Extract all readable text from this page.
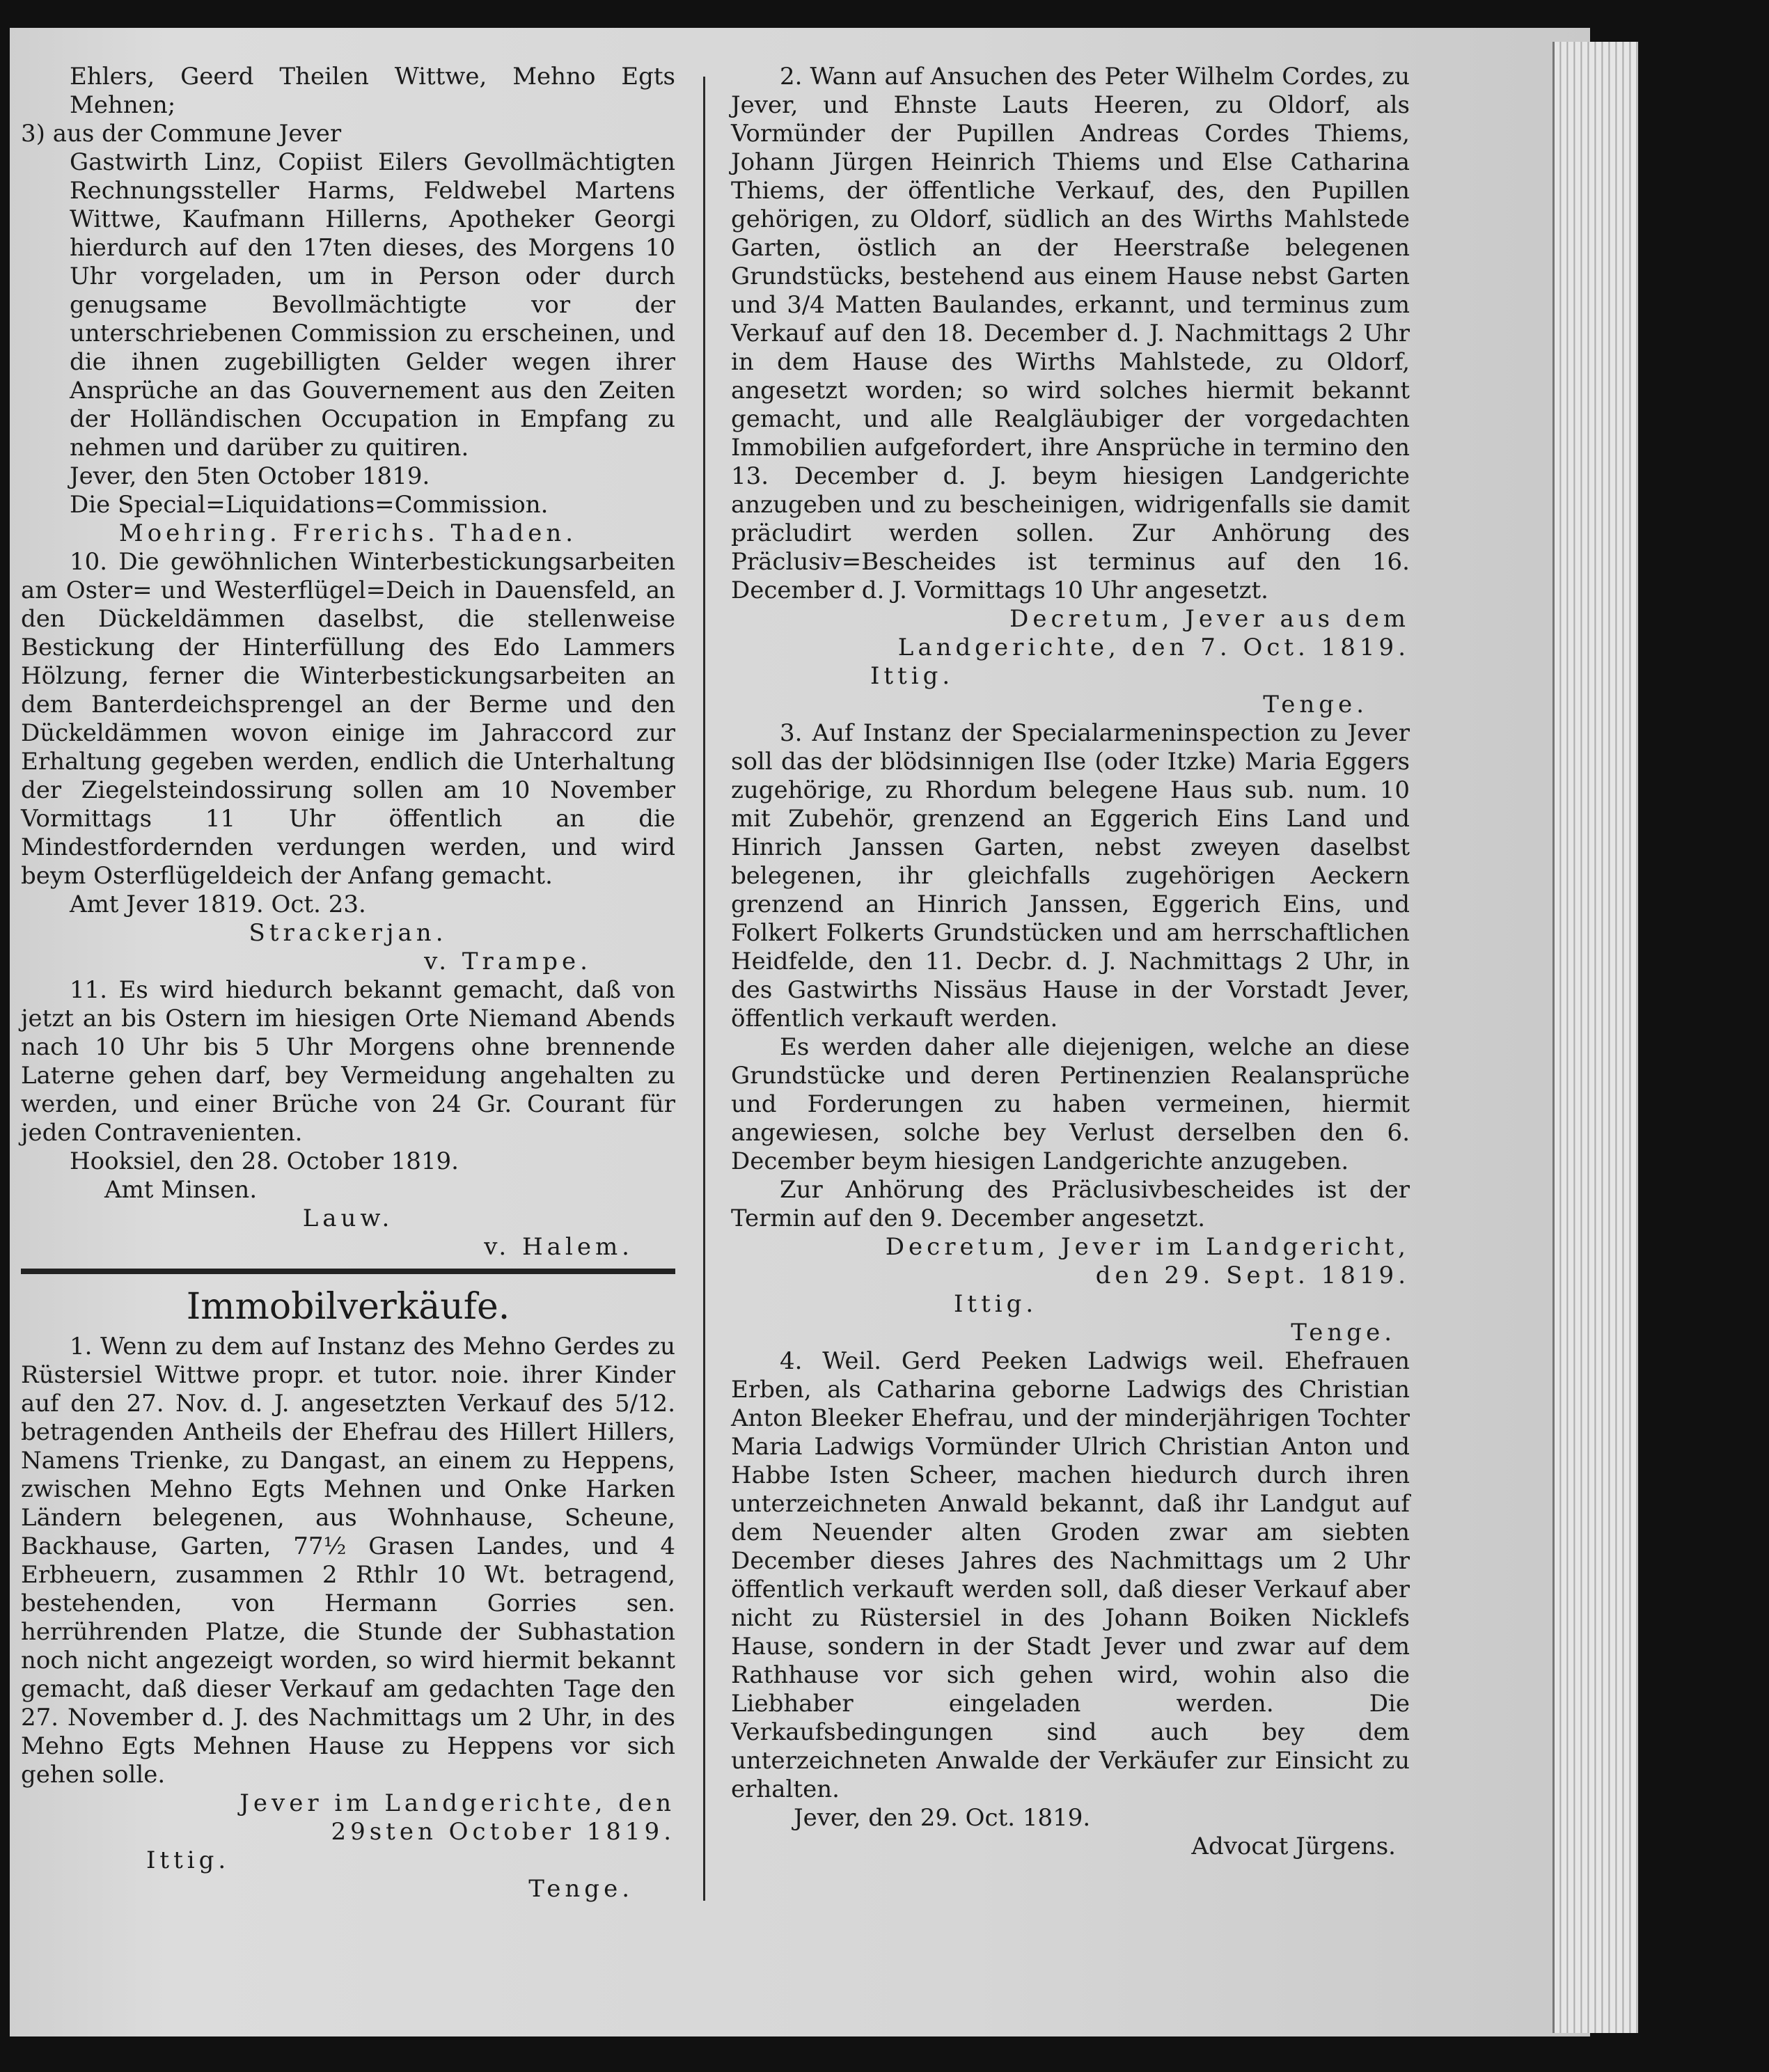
Ehlers, Geerd Theilen Wittwe, Mehno Egts Mehnen;

3) aus der Commune Jever

Gastwirth Linz, Copiist Eilers Gevollmächtigten Rechnungssteller Harms, Feldwebel Martens Wittwe, Kaufmann Hillerns, Apotheker Georgi hierdurch auf den 17ten dieses, des Morgens 10 Uhr vorgeladen, um in Person oder durch genugsame Bevollmächtigte vor der unterschriebenen Commission zu erscheinen, und die ihnen zugebilligten Gelder wegen ihrer Ansprüche an das Gouvernement aus den Zeiten der Holländischen Occupation in Empfang zu nehmen und darüber zu quitiren.

Jever, den 5ten October 1819.

Die Special=Liquidations=Commission.

Moehring. Frerichs. Thaden.

10. Die gewöhnlichen Winterbestickungsarbeiten am Oster= und Westerflügel=Deich in Dauensfeld, an den Dückeldämmen daselbst, die stellenweise Bestickung der Hinterfüllung des Edo Lammers Hölzung, ferner die Winterbestickungsarbeiten an dem Banterdeichsprengel an der Berme und den Dückeldämmen wovon einige im Jahraccord zur Erhaltung gegeben werden, endlich die Unterhaltung der Ziegelsteindossirung sollen am 10 November Vormittags 11 Uhr öffentlich an die Mindestfordernden verdungen werden, und wird beym Osterflügeldeich der Anfang gemacht.

Amt Jever 1819. Oct. 23.

Strackerjan.

v. Trampe.

11. Es wird hiedurch bekannt gemacht, daß von jetzt an bis Ostern im hiesigen Orte Niemand Abends nach 10 Uhr bis 5 Uhr Morgens ohne brennende Laterne gehen darf, bey Vermeidung angehalten zu werden, und einer Brüche von 24 Gr. Courant für jeden Contravenienten.

Hooksiel, den 28. October 1819.

Amt Minsen.

Lauw.

v. Halem.

Immobilverkäufe.

1. Wenn zu dem auf Instanz des Mehno Gerdes zu Rüstersiel Wittwe propr. et tutor. noie. ihrer Kinder auf den 27. Nov. d. J. angesetzten Verkauf des 5/12. betragenden Antheils der Ehefrau des Hillert Hillers, Namens Trienke, zu Dangast, an einem zu Heppens, zwischen Mehno Egts Mehnen und Onke Harken Ländern belegenen, aus Wohnhause, Scheune, Backhause, Garten, 77½ Grasen Landes, und 4 Erbheuern, zusammen 2 Rthlr 10 Wt. betragend, bestehenden, von Hermann Gorries sen. herrührenden Platze, die Stunde der Subhastation noch nicht angezeigt worden, so wird hiermit bekannt gemacht, daß dieser Verkauf am gedachten Tage den 27. November d. J. des Nachmittags um 2 Uhr, in des Mehno Egts Mehnen Hause zu Heppens vor sich gehen solle.

Jever im Landgerichte, den 29sten October 1819.

Ittig.

Tenge.

2. Wann auf Ansuchen des Peter Wilhelm Cordes, zu Jever, und Ehnste Lauts Heeren, zu Oldorf, als Vormünder der Pupillen Andreas Cordes Thiems, Johann Jürgen Heinrich Thiems und Else Catharina Thiems, der öffentliche Verkauf, des, den Pupillen gehörigen, zu Oldorf, südlich an des Wirths Mahlstede Garten, östlich an der Heerstraße belegenen Grundstücks, bestehend aus einem Hause nebst Garten und 3/4 Matten Baulandes, erkannt, und terminus zum Verkauf auf den 18. December d. J. Nachmittags 2 Uhr in dem Hause des Wirths Mahlstede, zu Oldorf, angesetzt worden; so wird solches hiermit bekannt gemacht, und alle Realgläubiger der vorgedachten Immobilien aufgefordert, ihre Ansprüche in termino den 13. December d. J. beym hiesigen Landgerichte anzugeben und zu bescheinigen, widrigenfalls sie damit präcludirt werden sollen. Zur Anhörung des Präclusiv=Bescheides ist terminus auf den 16. December d. J. Vormittags 10 Uhr angesetzt.

Decretum, Jever aus dem Landgerichte, den 7. Oct. 1819.

Ittig.

Tenge.

3. Auf Instanz der Specialarmeninspection zu Jever soll das der blödsinnigen Ilse (oder Itzke) Maria Eggers zugehörige, zu Rhordum belegene Haus sub. num. 10 mit Zubehör, grenzend an Eggerich Eins Land und Hinrich Janssen Garten, nebst zweyen daselbst belegenen, ihr gleichfalls zugehörigen Aeckern grenzend an Hinrich Janssen, Eggerich Eins, und Folkert Folkerts Grundstücken und am herrschaftlichen Heidfelde, den 11. Decbr. d. J. Nachmittags 2 Uhr, in des Gastwirths Nissäus Hause in der Vorstadt Jever, öffentlich verkauft werden.

Es werden daher alle diejenigen, welche an diese Grundstücke und deren Pertinenzien Realansprüche und Forderungen zu haben vermeinen, hiermit angewiesen, solche bey Verlust derselben den 6. December beym hiesigen Landgerichte anzugeben.

Zur Anhörung des Präclusivbescheides ist der Termin auf den 9. December angesetzt.

Decretum, Jever im Landgericht, den 29. Sept. 1819.

Ittig.

Tenge.

4. Weil. Gerd Peeken Ladwigs weil. Ehefrauen Erben, als Catharina geborne Ladwigs des Christian Anton Bleeker Ehefrau, und der minderjährigen Tochter Maria Ladwigs Vormünder Ulrich Christian Anton und Habbe Isten Scheer, machen hiedurch durch ihren unterzeichneten Anwald bekannt, daß ihr Landgut auf dem Neuender alten Groden zwar am siebten December dieses Jahres des Nachmittags um 2 Uhr öffentlich verkauft werden soll, daß dieser Verkauf aber nicht zu Rüstersiel in des Johann Boiken Nicklefs Hause, sondern in der Stadt Jever und zwar auf dem Rathhause vor sich gehen wird, wohin also die Liebhaber eingeladen werden. Die Verkaufsbedingungen sind auch bey dem unterzeichneten Anwalde der Verkäufer zur Einsicht zu erhalten.

Jever, den 29. Oct. 1819.

Advocat Jürgens.
